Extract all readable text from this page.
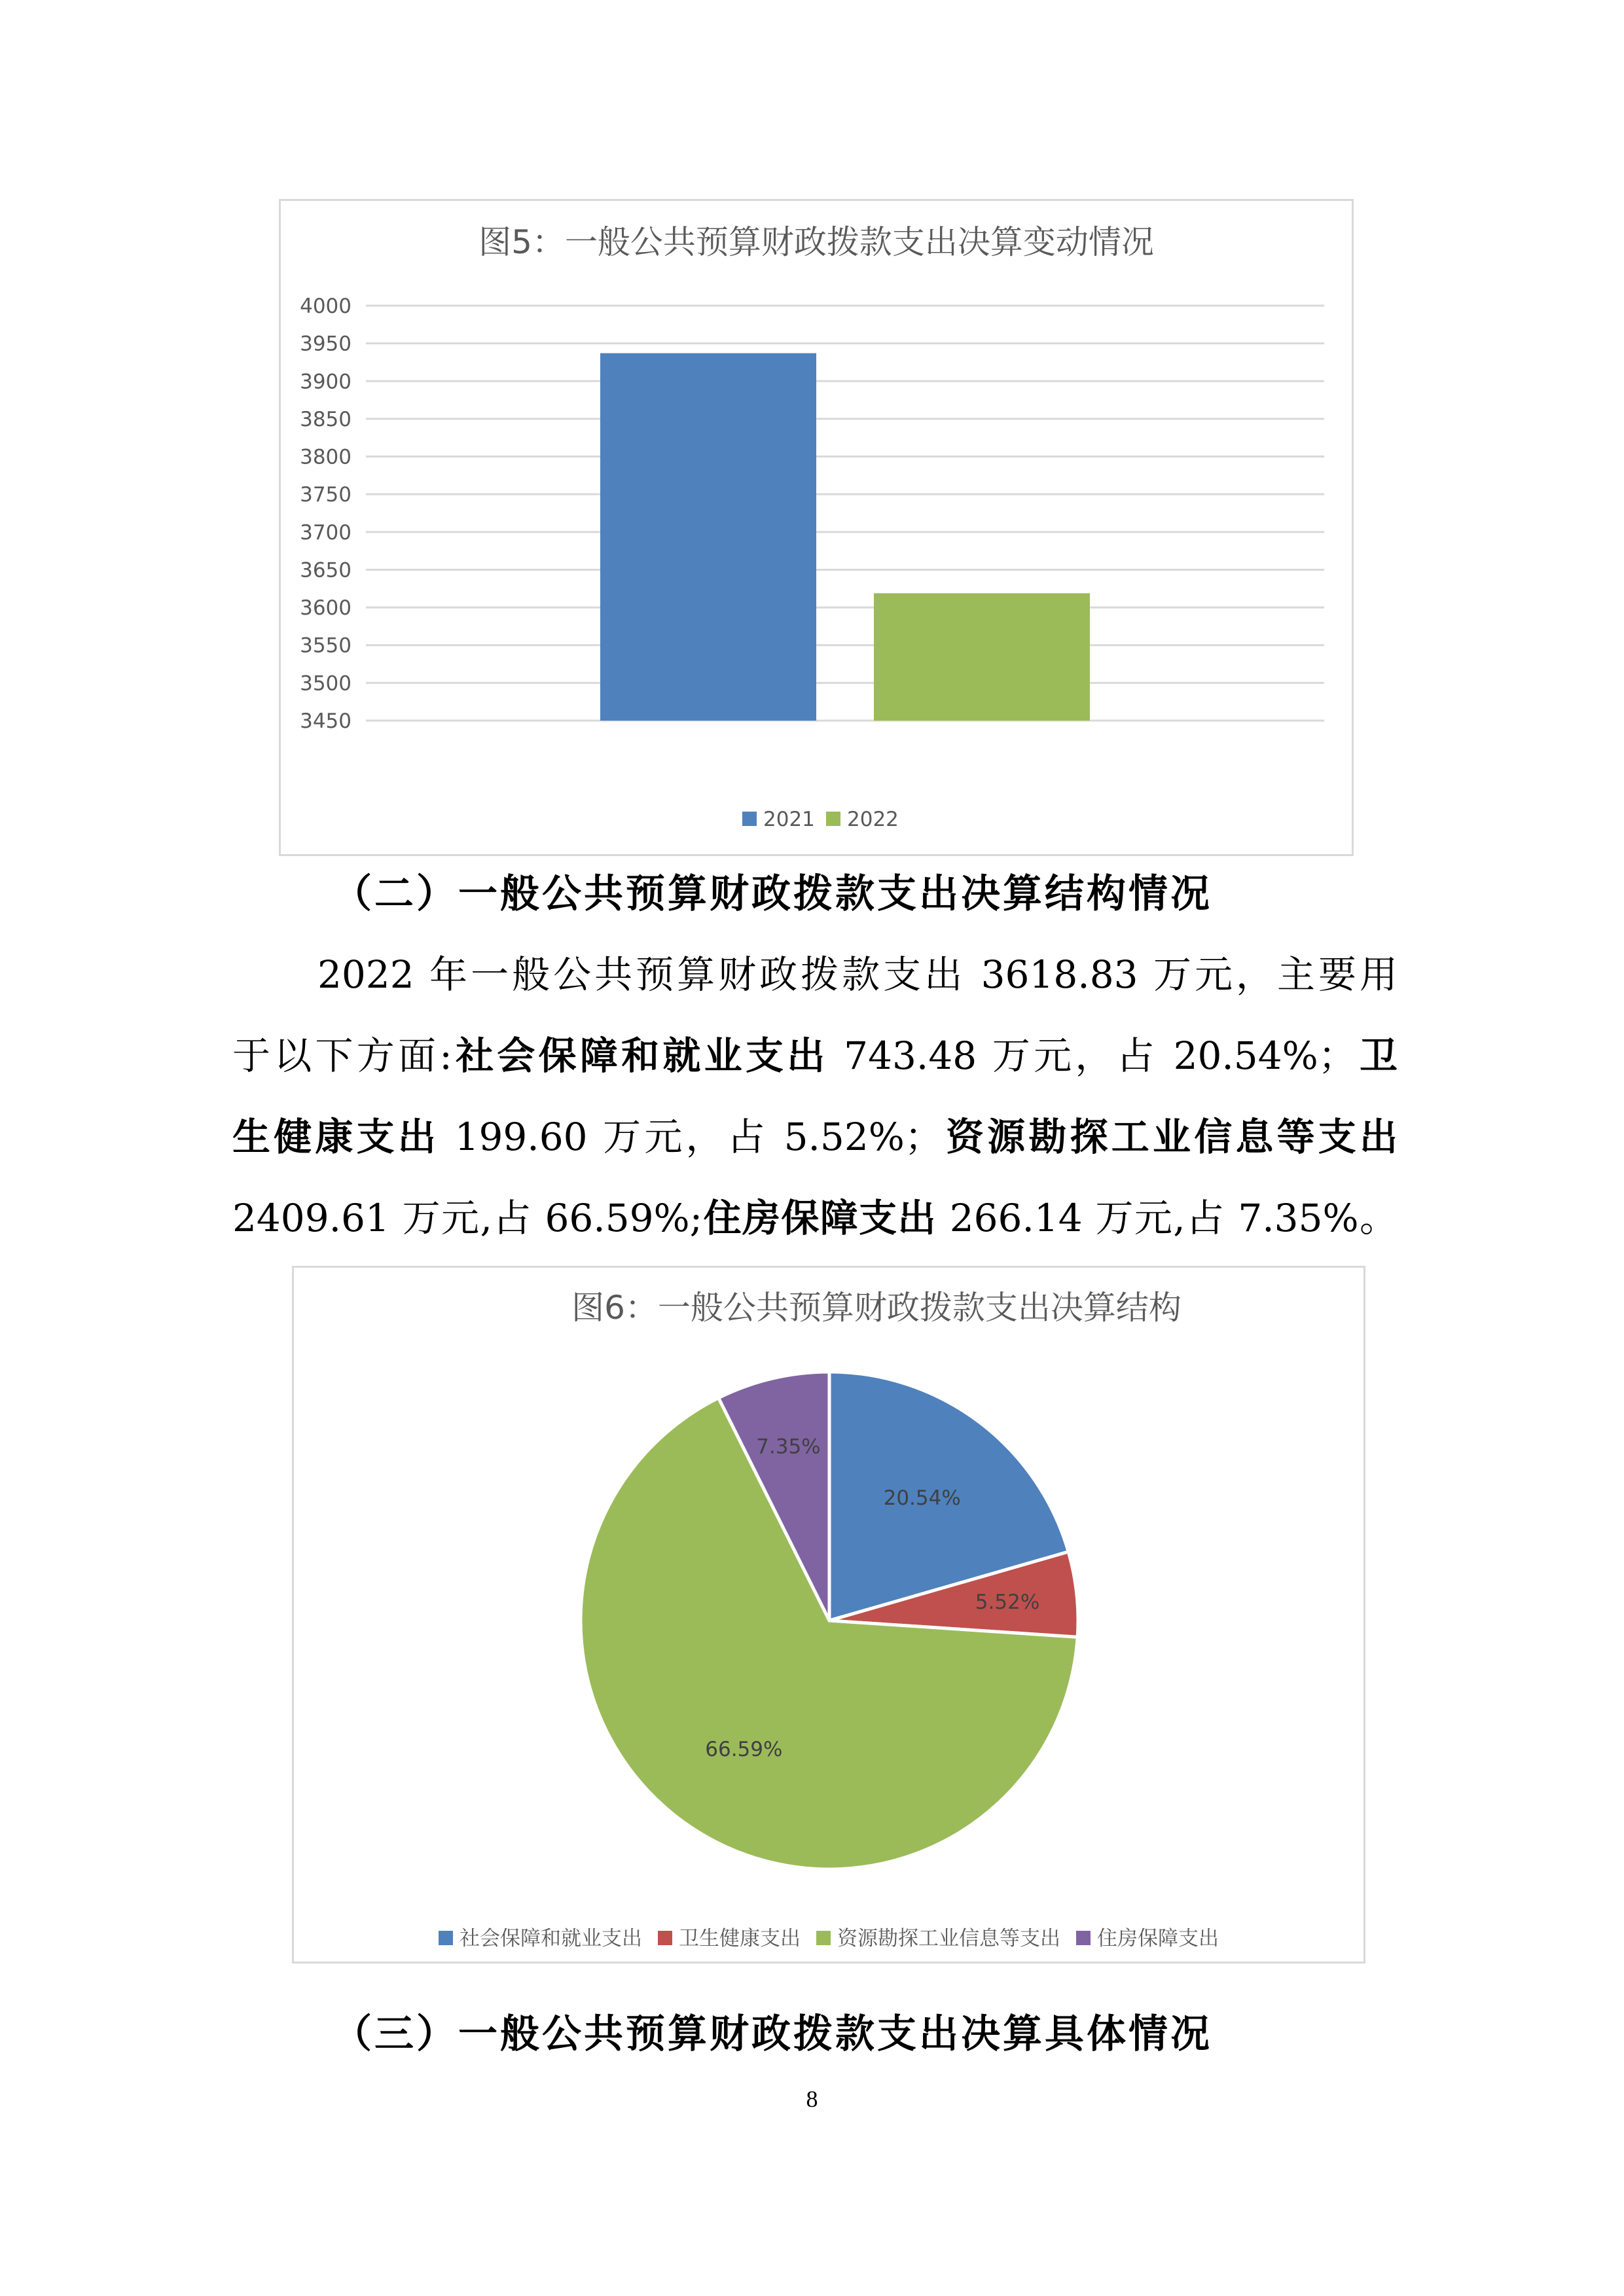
图5：一般公共预算财政拨款支出决算变动情况
4000
3950
3900
3850
3800
3750
3700
3650
3600
3550
3500
3450
2021 2022
（二）一般公共预算财政拨款支出决算结构情况
2022 年一般公共预算财政拨款支出 3618.83 万元，主要用
于以下方面:社会保障和就业支出 743.48 万元，占 20.54%；卫
生健康支出 199.60 万元，占 5.52%；资源勘探工业信息等支出
2409.61 万元,占 66.59%;住房保障支出 266.14 万元,占 7.35%。
图6：一般公共预算财政拨款支出决算结构
20.54%
5.52%
66.59%
7.35%
社会保障和就业支出 卫生健康支出 资源勘探工业信息等支出 住房保障支出
（三）一般公共预算财政拨款支出决算具体情况
8
